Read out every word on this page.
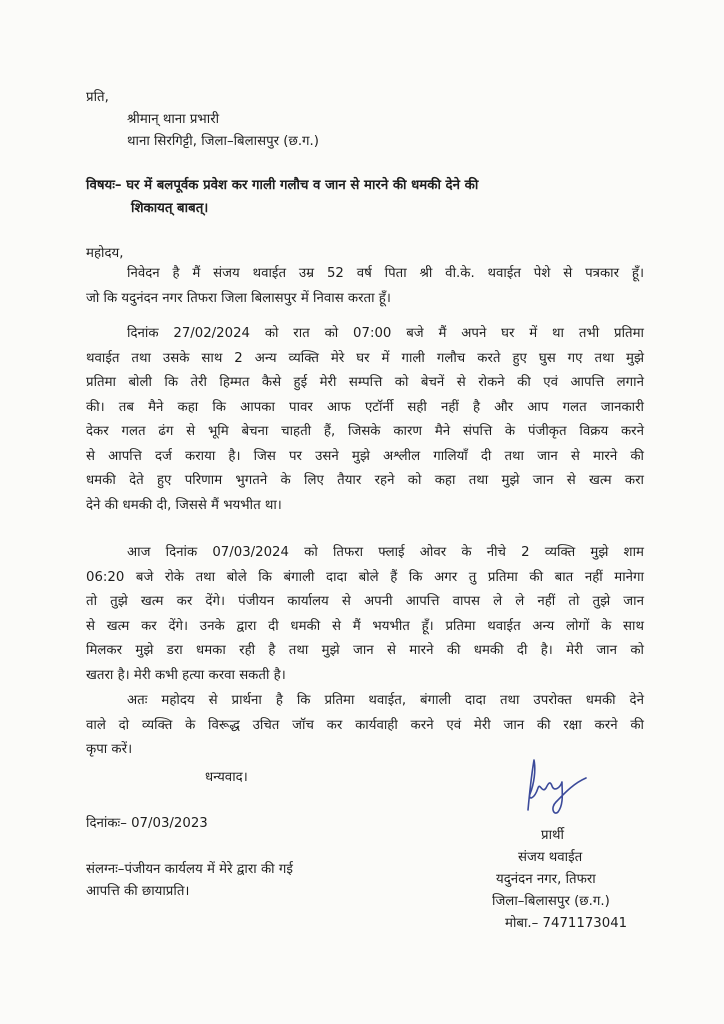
प्रति,
श्रीमान् थाना प्रभारी
थाना सिरगिट्टी, जिला–बिलासपुर (छ.ग.)
विषयः– घर में बलपूर्वक प्रवेश कर गाली गलौच व जान से मारने की धमकी देने की
शिकायत् बाबत्।
महोदय,
निवेदन है मैं संजय थवाईत उम्र 52 वर्ष पिता श्री वी.के. थवाईत पेशे से पत्रकार हूँ।
जो कि यदुनंदन नगर तिफरा जिला बिलासपुर में निवास करता हूँ।
दिनांक 27/02/2024 को रात को 07:00 बजे मैं अपने घर में था तभी प्रतिमा
थवाईत तथा उसके साथ 2 अन्य व्यक्ति मेरे घर में गाली गलौच करते हुए घुस गए तथा मुझे
प्रतिमा बोली कि तेरी हिम्मत कैसे हुई मेरी सम्पत्ति को बेचनें से रोकने की एवं आपत्ति लगाने
की। तब मैने कहा कि आपका पावर आफ एटॉर्नी सही नहीं है और आप गलत जानकारी
देकर गलत ढंग से भूमि बेचना चाहती हैं, जिसके कारण मैने संपत्ति के पंजीकृत विक्रय करने
से आपत्ति दर्ज कराया है। जिस पर उसने मुझे अश्लील गालियाँ दी तथा जान से मारने की
धमकी देते हुए परिणाम भुगतने के लिए तैयार रहने को कहा तथा मुझे जान से खत्म करा
देने की धमकी दी, जिससे मैं भयभीत था।
आज दिनांक 07/03/2024 को तिफरा फ्लाई ओवर के नीचे 2 व्यक्ति मुझे शाम
06:20 बजे रोके तथा बोले कि बंगाली दादा बोले हैं कि अगर तु प्रतिमा की बात नहीं मानेगा
तो तुझे खत्म कर देंगे। पंजीयन कार्यालय से अपनी आपत्ति वापस ले ले नहीं तो तुझे जान
से खत्म कर देंगे। उनके द्वारा दी धमकी से मैं भयभीत हूँ। प्रतिमा थवाईत अन्य लोगों के साथ
मिलकर मुझे डरा धमका रही है तथा मुझे जान से मारने की धमकी दी है। मेरी जान को
खतरा है। मेरी कभी हत्या करवा सकती है।
अतः महोदय से प्रार्थना है कि प्रतिमा थवाईत, बंगाली दादा तथा उपरोक्त धमकी देने
वाले दो व्यक्ति के विरूद्ध उचित जॉच कर कार्यवाही करने एवं मेरी जान की रक्षा करने की
कृपा करें।
धन्यवाद।
दिनांकः– 07/03/2023
संलग्नः–पंजीयन कार्यलय में मेरे द्वारा की गई
आपत्ति की छायाप्रति।
प्रार्थी
संजय थवाईत
यदुनंदन नगर, तिफरा
जिला–बिलासपुर (छ.ग.)
मोबा.– 7471173041
